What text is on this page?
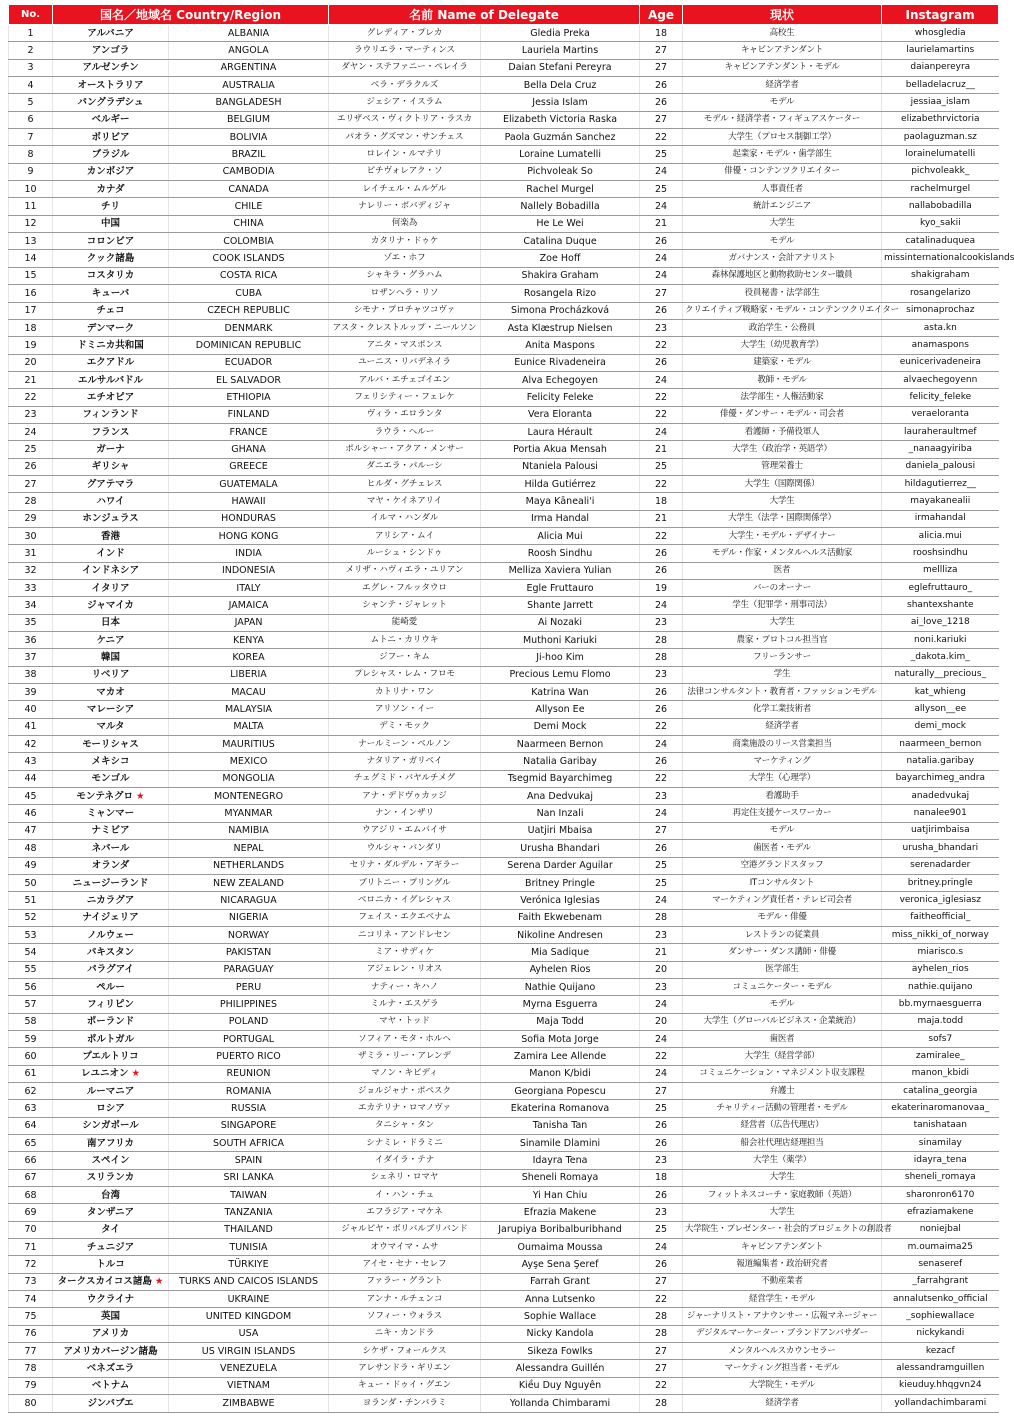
No.	国名／地域名 Country/Region		名前 Name of Delegate		Age	現状	Instagram
1	アルバニア	ALBANIA	グレディア・プレカ	Gledia Preka	18	高校生	whosgledia
2	アンゴラ	ANGOLA	ラウリエラ・マーティンス	Lauriela Martins	27	キャビンアテンダント	laurielamartins
3	アルゼンチン	ARGENTINA	ダヤン・ステファニー・ペレイラ	Daian Stefani Pereyra	27	キャビンアテンダント・モデル	daianpereyra
4	オーストラリア	AUSTRALIA	ベラ・デラクルズ	Bella Dela Cruz	26	経済学者	belladelacruz__
5	バングラデシュ	BANGLADESH	ジェシア・イスラム	Jessia Islam	26	モデル	jessiaa_islam
6	ベルギー	BELGIUM	エリザベス・ヴィクトリア・ラスカ	Elizabeth Victoria Raska	27	モデル・経済学者・フィギュアスケーター	elizabethrvictoria
7	ボリビア	BOLIVIA	パオラ・グズマン・サンチェス	Paola Guzmán Sanchez	22	大学生（プロセス制御工学）	paolaguzman.sz
8	ブラジル	BRAZIL	ロレイン・ルマテリ	Loraine Lumatelli	25	起業家・モデル・歯学部生	lorainelumatelli
9	カンボジア	CAMBODIA	ピチヴォレアク・ソ	Pichvoleak So	24	俳優・コンテンツクリエイター	pichvoleakk_
10	カナダ	CANADA	レイチェル・ムルゲル	Rachel Murgel	25	人事責任者	rachelmurgel
11	チリ	CHILE	ナレリー・ボバディジャ	Nallely Bobadilla	24	統計エンジニア	nallabobadilla
12	中国	CHINA	何楽為	He Le Wei	21	大学生	kyo_sakii
13	コロンビア	COLOMBIA	カタリナ・ドゥケ	Catalina Duque	26	モデル	catalinaduquea
14	クック諸島	COOK ISLANDS	ゾエ・ホフ	Zoe Hoff	24	ガバナンス・会計アナリスト	missinternationalcookislands
15	コスタリカ	COSTA RICA	シャキラ・グラハム	Shakira Graham	24	森林保護地区と動物救助センター職員	shakigraham
16	キューバ	CUBA	ロザンヘラ・リソ	Rosangela Rizo	27	役員秘書・法学部生	rosangelarizo
17	チェコ	CZECH REPUBLIC	シモナ・プロチャツコヴァ	Simona Procházková	26	クリエイティブ戦略家・モデル・コンテンツクリエイター	simonaprochaz
18	デンマーク	DENMARK	アスタ・クレストルップ・ニールソン	Asta Klæstrup Nielsen	23	政治学生・公務員	asta.kn
19	ドミニカ共和国	DOMINICAN REPUBLIC	アニタ・マスポンス	Anita Maspons	22	大学生（幼児教育学）	anamaspons
20	エクアドル	ECUADOR	ユーニス・リバデネイラ	Eunice Rivadeneira	26	建築家・モデル	eunicerivadeneira
21	エルサルバドル	EL SALVADOR	アルバ・エチェゴイエン	Alva Echegoyen	24	教師・モデル	alvaechegoyenn
22	エチオピア	ETHIOPIA	フェリシティー・フェレケ	Felicity Feleke	22	法学部生・人権活動家	felicity_feleke
23	フィンランド	FINLAND	ヴィラ・エロランタ	Vera Eloranta	22	俳優・ダンサー・モデル・司会者	veraeloranta
24	フランス	FRANCE	ラウラ・ヘルー	Laura Hérault	24	看護師・予備役軍人	lauraheraultmef
25	ガーナ	GHANA	ポルシャー・アクア・メンサー	Portia Akua Mensah	21	大学生（政治学・英語学）	_nanaagyiriba
26	ギリシャ	GREECE	ダニエラ・パルーシ	Ntaniela Palousi	25	管理栄養士	daniela_palousi
27	グアテマラ	GUATEMALA	ヒルダ・グチェレス	Hilda Gutiérrez	22	大学生（国際関係）	hildagutierrez__
28	ハワイ	HAWAII	マヤ・ケイネアリイ	Maya Kāneali'i	18	大学生	mayakanealii
29	ホンジュラス	HONDURAS	イルマ・ハンダル	Irma Handal	21	大学生（法学・国際関係学）	irmahandal
30	香港	HONG KONG	アリシア・ムイ	Alicia Mui	22	大学生・モデル・デザイナー	alicia.mui
31	インド	INDIA	ルーシュ・シンドゥ	Roosh Sindhu	26	モデル・作家・メンタルヘルス活動家	rooshsindhu
32	インドネシア	INDONESIA	メリザ・ハヴィエラ・ユリアン	Melliza Xaviera Yulian	26	医者	mellliza
33	イタリア	ITALY	エグレ・フルッタウロ	Egle Fruttauro	19	バーのオーナー	eglefruttauro_
34	ジャマイカ	JAMAICA	シャンテ・ジャレット	Shante Jarrett	24	学生（犯罪学・刑事司法）	shantexshante
35	日本	JAPAN	能崎愛	Ai Nozaki	23	大学生	ai_love_1218
36	ケニア	KENYA	ムトニ・カリウキ	Muthoni Kariuki	28	農家・プロトコル担当官	noni.kariuki
37	韓国	KOREA	ジフー・キム	Ji-hoo Kim	28	フリーランサー	_dakota.kim_
38	リベリア	LIBERIA	プレシャス・レム・フロモ	Precious Lemu Flomo	23	学生	naturally__precious_
39	マカオ	MACAU	カトリナ・ワン	Katrina Wan	26	法律コンサルタント・教育者・ファッションモデル	kat_whieng
40	マレーシア	MALAYSIA	アリソン・イー	Allyson Ee	26	化学工業技術者	allyson__ee
41	マルタ	MALTA	デミ・モック	Demi Mock	22	経済学者	demi_mock
42	モーリシャス	MAURITIUS	ナールミーン・ベルノン	Naarmeen Bernon	24	商業施設のリース営業担当	naarmeen_bernon
43	メキシコ	MEXICO	ナタリア・ガリベイ	Natalia Garibay	26	マーケティング	natalia.garibay
44	モンゴル	MONGOLIA	チェグミド・バヤルチメグ	Tsegmid Bayarchimeg	22	大学生（心理学）	bayarchimeg_andra
45	モンテネグロ ★	MONTENEGRO	アナ・デドヴゥカッジ	Ana Dedvukaj	23	看護助手	anadedvukaj
46	ミャンマー	MYANMAR	ナン・インザリ	Nan Inzali	24	再定住支援ケースワーカー	nanalee901
47	ナミビア	NAMIBIA	ウアジリ・エムバイサ	Uatjiri Mbaisa	27	モデル	uatjirimbaisa
48	ネパール	NEPAL	ウルシャ・バンダリ	Urusha Bhandari	26	歯医者・モデル	urusha_bhandari
49	オランダ	NETHERLANDS	セリナ・ダルデル・アギラー	Serena Darder Aguilar	25	空港グランドスタッフ	serenadarder
50	ニュージーランド	NEW ZEALAND	ブリトニー・プリングル	Britney Pringle	25	ITコンサルタント	britney.pringle
51	ニカラグア	NICARAGUA	ベロニカ・イグレシャス	Verónica Iglesias	24	マーケティング責任者・テレビ司会者	veronica_iglesiasz
52	ナイジェリア	NIGERIA	フェイス・エクエベナム	Faith Ekwebenam	28	モデル・俳優	faitheofficial_
53	ノルウェー	NORWAY	ニコリネ・アンドレセン	Nikoline Andresen	23	レストランの従業員	miss_nikki_of_norway
54	パキスタン	PAKISTAN	ミア・サディケ	Mia Sadique	21	ダンサー・ダンス講師・俳優	miarisco.s
55	パラグアイ	PARAGUAY	アジェレン・リオス	Ayhelen Rios	20	医学部生	ayhelen_rios
56	ペルー	PERU	ナティー・キハノ	Nathie Quijano	23	コミュニケーター・モデル	nathie.quijano
57	フィリピン	PHILIPPINES	ミルナ・エスゲラ	Myrna Esguerra	24	モデル	bb.myrnaesguerra
58	ポーランド	POLAND	マヤ・トッド	Maja Todd	20	大学生（グローバルビジネス・企業統治）	maja.todd
59	ポルトガル	PORTUGAL	ソフィア・モタ・ホルヘ	Sofia Mota Jorge	24	歯医者	sofs7
60	プエルトリコ	PUERTO RICO	ザミラ・リー・アレンデ	Zamira Lee Allende	22	大学生（経営学部）	zamiralee_
61	レユニオン ★	REUNION	マノン・キビディ	Manon K/bidi	24	コミュニケーション・マネジメント収支課程	manon_kbidi
62	ルーマニア	ROMANIA	ジョルジャナ・ポペスク	Georgiana Popescu	27	弁護士	catalina_georgia
63	ロシア	RUSSIA	エカテリナ・ロマノヴァ	Ekaterina Romanova	25	チャリティー活動の管理者・モデル	ekaterinaromanovaa_
64	シンガポール	SINGAPORE	タニシャ・タン	Tanisha Tan	26	経営者（広告代理店）	tanishataan
65	南アフリカ	SOUTH AFRICA	シナミレ・ドラミニ	Sinamile Dlamini	26	船会社代理店経理担当	sinamilay
66	スペイン	SPAIN	イダイラ・テナ	Idayra Tena	23	大学生（薬学）	idayra_tena
67	スリランカ	SRI LANKA	シェネリ・ロマヤ	Sheneli Romaya	18	大学生	sheneli_romaya
68	台湾	TAIWAN	イ・ハン・チュ	Yi Han Chiu	26	フィットネスコーチ・家庭教師（英語）	sharonron6170
69	タンザニア	TANZANIA	エフラジア・マケネ	Efrazia Makene	23	大学生	efraziamakene
70	タイ	THAILAND	ジャルピヤ・ボリバルブリバンド	Jarupiya Boribalburibhand	25	大学院生・プレゼンター・社会的プロジェクトの創設者	noniejbal
71	チュニジア	TUNISIA	オウマイマ・ムサ	Oumaima Moussa	24	キャビンアテンダント	m.oumaima25
72	トルコ	TÜRKIYE	アイセ・セナ・セレフ	Ayşe Sena Şeref	26	報道編集者・政治研究者	senaseref
73	タークスカイコス諸島 ★	TURKS AND CAICOS ISLANDS	ファラー・グラント	Farrah Grant	27	不動産業者	_farrahgrant
74	ウクライナ	UKRAINE	アンナ・ルチェンコ	Anna Lutsenko	22	経営学生・モデル	annalutsenko_official
75	英国	UNITED KINGDOM	ソフィー・ウォラス	Sophie Wallace	28	ジャーナリスト・アナウンサー・広報マネージャー	_sophiewallace
76	アメリカ	USA	ニキ・カンドラ	Nicky Kandola	28	デジタルマーケーター・ブランドアンバサダー	nickykandi
77	アメリカバージン諸島	US VIRGIN ISLANDS	シケザ・フォールクス	Sikeza Fowlks	27	メンタルヘルスカウンセラー	kezacf
78	ベネズエラ	VENEZUELA	アレサンドラ・ギリエン	Alessandra Guillén	27	マーケティング担当者・モデル	alessandramguillen
79	ベトナム	VIETNAM	キュー・ドゥイ・グエン	Kiều Duy Nguyên	22	大学院生・モデル	kieuduy.hhqgvn24
80	ジンバブエ	ZIMBABWE	ヨランダ・チンバラミ	Yollanda Chimbarami	28	経済学者	yollandachimbarami
